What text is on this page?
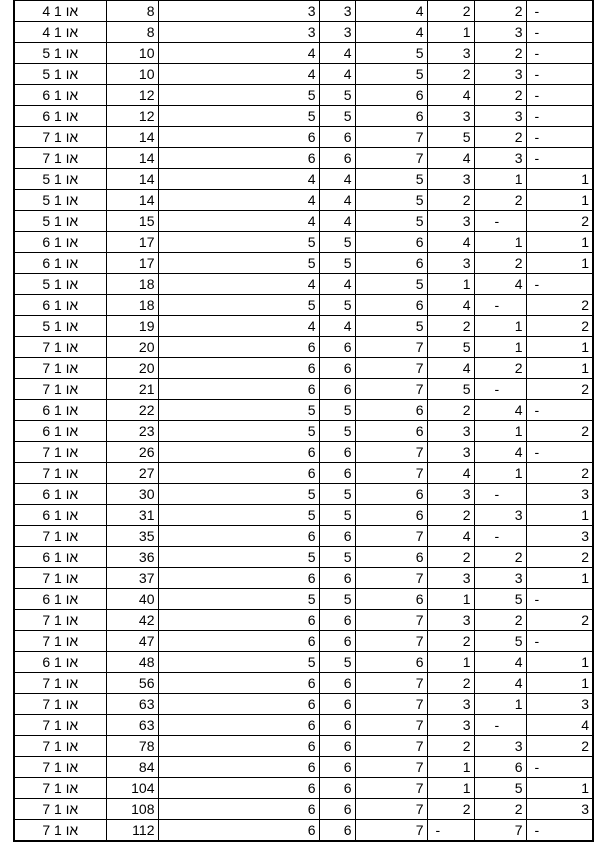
4 או 1	8	3	3	4	2	2	-
4 או 1	8	3	3	4	1	3	-
5 או 1	10	4	4	5	3	2	-
5 או 1	10	4	4	5	2	3	-
6 או 1	12	5	5	6	4	2	-
6 או 1	12	5	5	6	3	3	-
7 או 1	14	6	6	7	5	2	-
7 או 1	14	6	6	7	4	3	-
5 או 1	14	4	4	5	3	1	1
5 או 1	14	4	4	5	2	2	1
5 או 1	15	4	4	5	3	-	2
6 או 1	17	5	5	6	4	1	1
6 או 1	17	5	5	6	3	2	1
5 או 1	18	4	4	5	1	4	-
6 או 1	18	5	5	6	4	-	2
5 או 1	19	4	4	5	2	1	2
7 או 1	20	6	6	7	5	1	1
7 או 1	20	6	6	7	4	2	1
7 או 1	21	6	6	7	5	-	2
6 או 1	22	5	5	6	2	4	-
6 או 1	23	5	5	6	3	1	2
7 או 1	26	6	6	7	3	4	-
7 או 1	27	6	6	7	4	1	2
6 או 1	30	5	5	6	3	-	3
6 או 1	31	5	5	6	2	3	1
7 או 1	35	6	6	7	4	-	3
6 או 1	36	5	5	6	2	2	2
7 או 1	37	6	6	7	3	3	1
6 או 1	40	5	5	6	1	5	-
7 או 1	42	6	6	7	3	2	2
7 או 1	47	6	6	7	2	5	-
6 או 1	48	5	5	6	1	4	1
7 או 1	56	6	6	7	2	4	1
7 או 1	63	6	6	7	3	1	3
7 או 1	63	6	6	7	3	-	4
7 או 1	78	6	6	7	2	3	2
7 או 1	84	6	6	7	1	6	-
7 או 1	104	6	6	7	1	5	1
7 או 1	108	6	6	7	2	2	3
7 או 1	112	6	6	7	-	7	-
